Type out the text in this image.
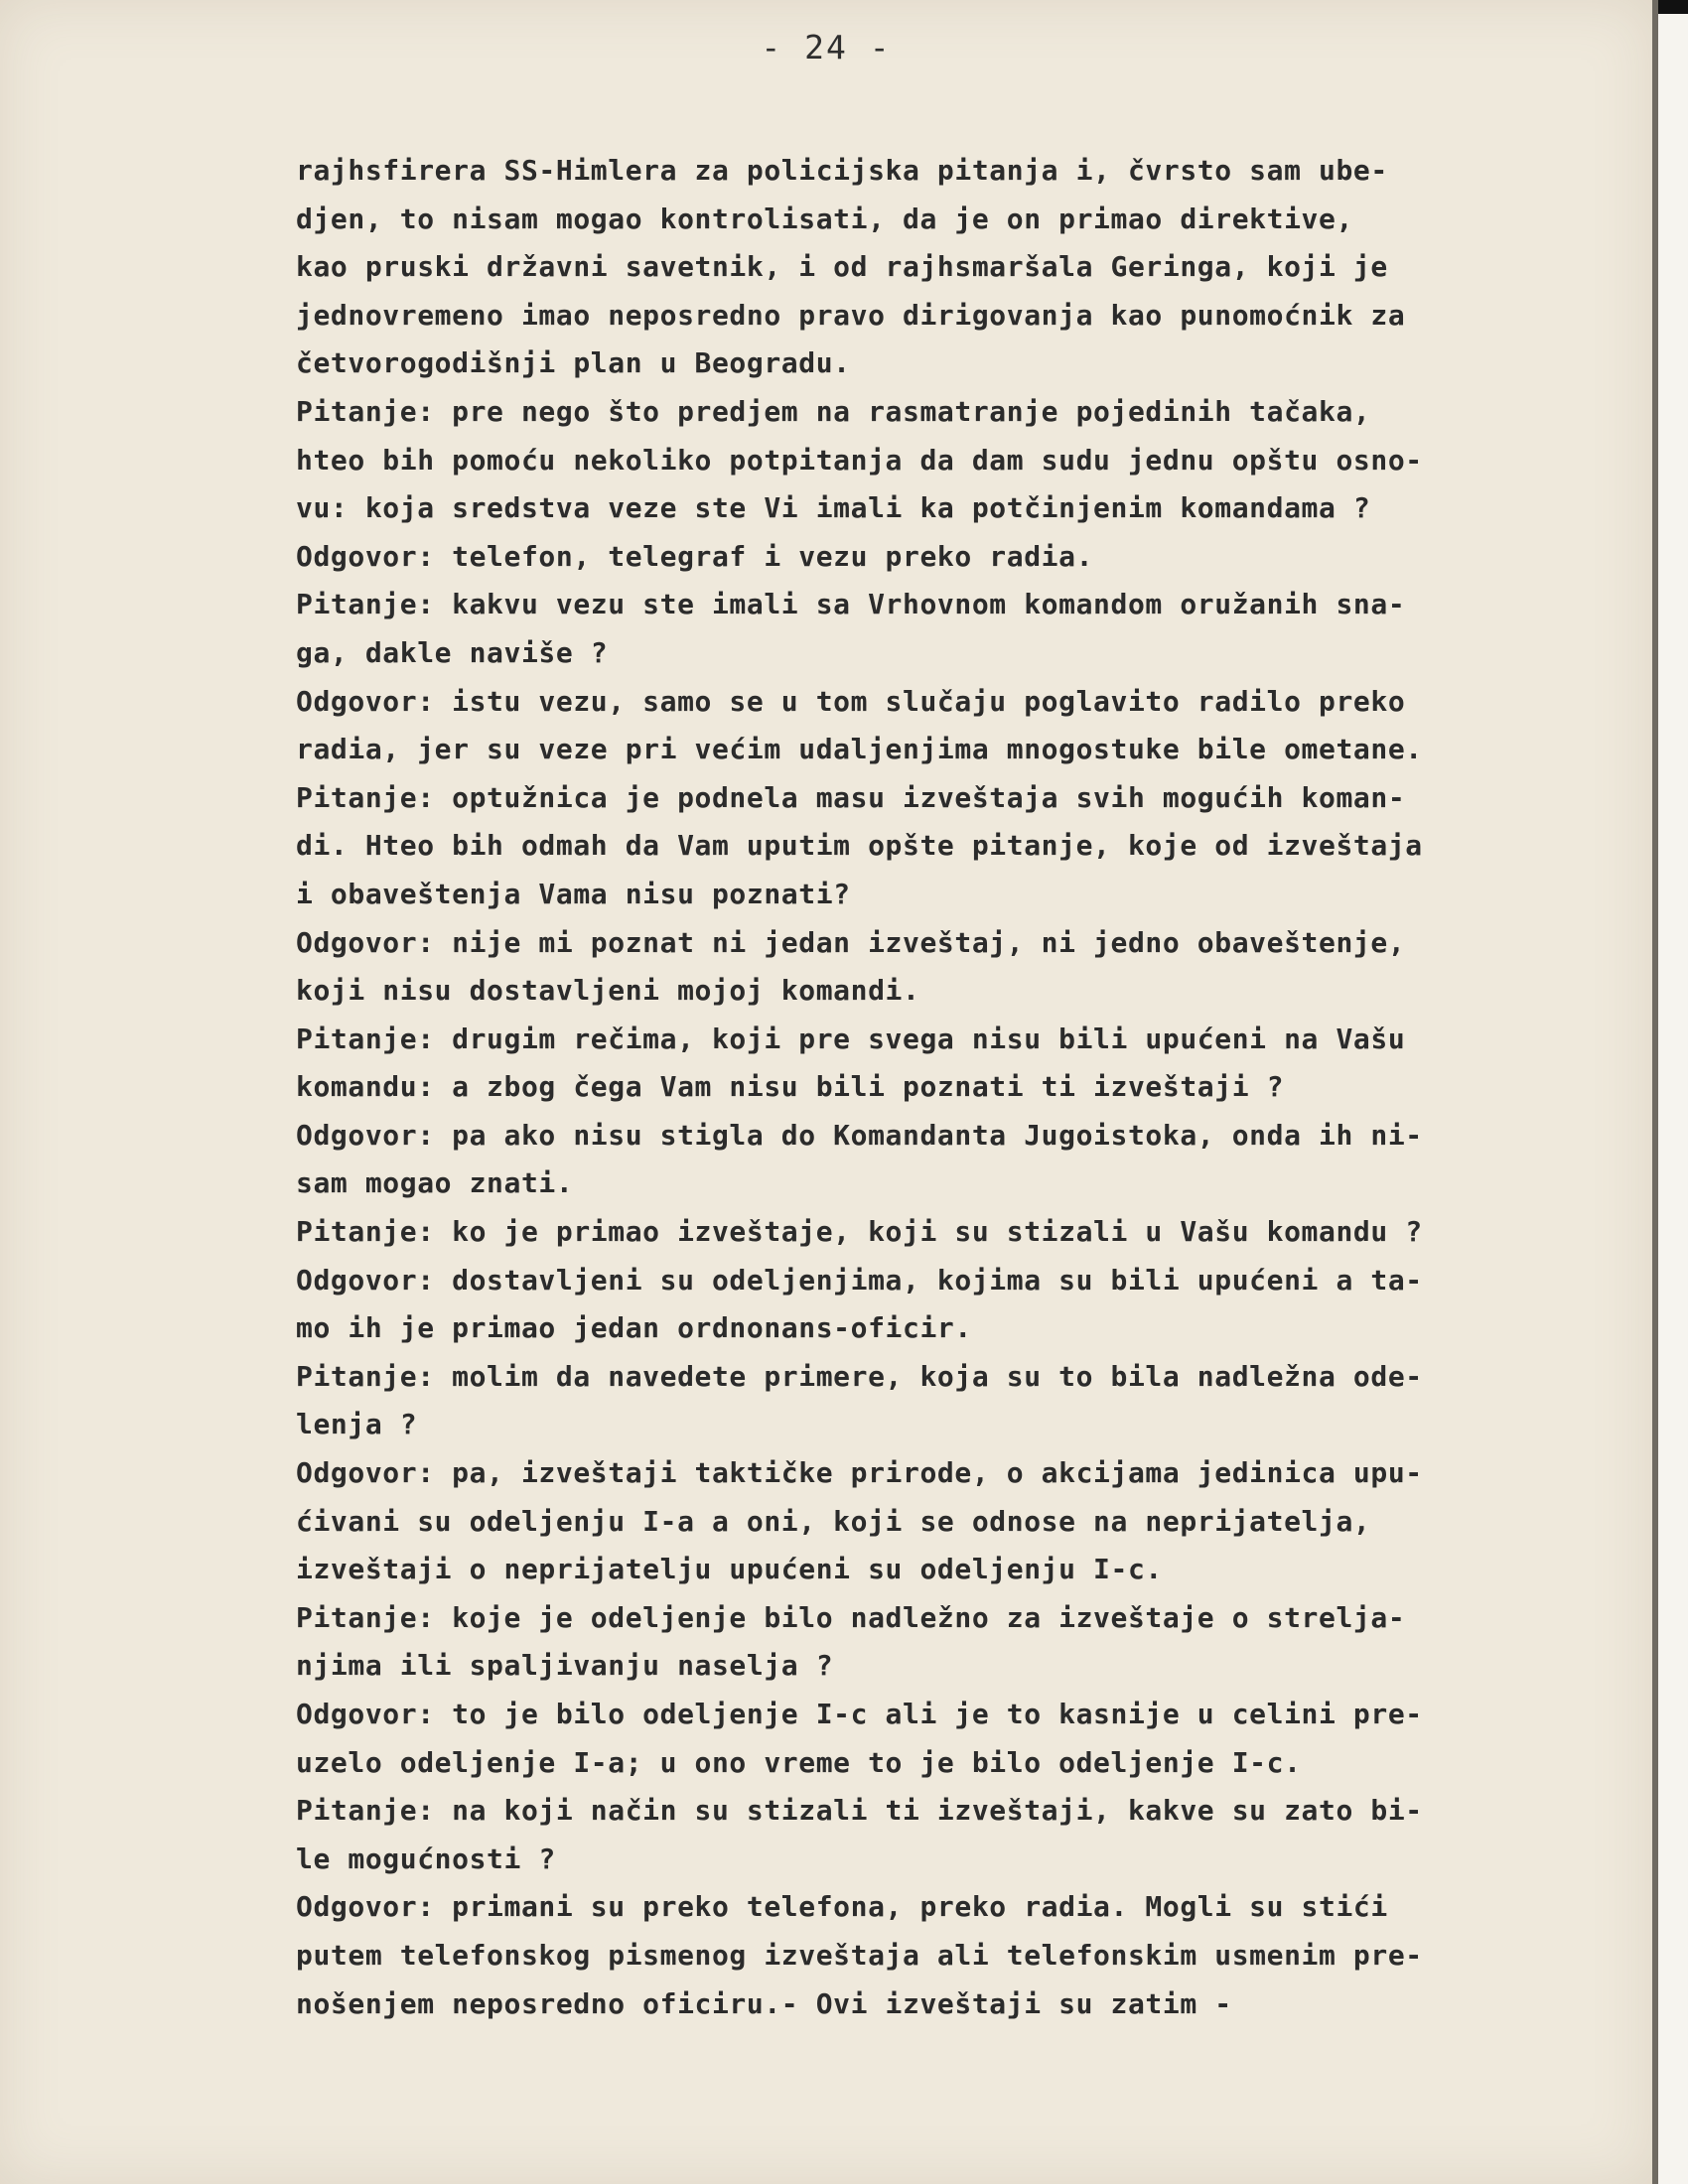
- 24 -
rajhsfirera SS-Himlera za policijska pitanja i, čvrsto sam ube-
djen, to nisam mogao kontrolisati, da je on primao direktive,
kao pruski državni savetnik, i od rajhsmaršala Geringa, koji je
jednovremeno imao neposredno pravo dirigovanja kao punomoćnik za
četvorogodišnji plan u Beogradu.
Pitanje: pre nego što predjem na rasmatranje pojedinih tačaka,
hteo bih pomoću nekoliko potpitanja da dam sudu jednu opštu osno-
vu: koja sredstva veze ste Vi imali ka potčinjenim komandama ?
Odgovor: telefon, telegraf i vezu preko radia.
Pitanje: kakvu vezu ste imali sa Vrhovnom komandom oružanih sna-
ga, dakle naviše ?
Odgovor: istu vezu, samo se u tom slučaju poglavito radilo preko
radia, jer su veze pri većim udaljenjima mnogostuke bile ometane.
Pitanje: optužnica je podnela masu izveštaja svih mogućih koman-
di. Hteo bih odmah da Vam uputim opšte pitanje, koje od izveštaja
i obaveštenja Vama nisu poznati?
Odgovor: nije mi poznat ni jedan izveštaj, ni jedno obaveštenje,
koji nisu dostavljeni mojoj komandi.
Pitanje: drugim rečima, koji pre svega nisu bili upućeni na Vašu
komandu: a zbog čega Vam nisu bili poznati ti izveštaji ?
Odgovor: pa ako nisu stigla do Komandanta Jugoistoka, onda ih ni-
sam mogao znati.
Pitanje: ko je primao izveštaje, koji su stizali u Vašu komandu ?
Odgovor: dostavljeni su odeljenjima, kojima su bili upućeni a ta-
mo ih je primao jedan ordnonans-oficir.
Pitanje: molim da navedete primere, koja su to bila nadležna ode-
lenja ?
Odgovor: pa, izveštaji taktičke prirode, o akcijama jedinica upu-
ćivani su odeljenju I-a a oni, koji se odnose na neprijatelja,
izveštaji o neprijatelju upućeni su odeljenju I-c.
Pitanje: koje je odeljenje bilo nadležno za izveštaje o strelja-
njima ili spaljivanju naselja ?
Odgovor: to je bilo odeljenje I-c ali je to kasnije u celini pre-
uzelo odeljenje I-a; u ono vreme to je bilo odeljenje I-c.
Pitanje: na koji način su stizali ti izveštaji, kakve su zato bi-
le mogućnosti ?
Odgovor: primani su preko telefona, preko radia. Mogli su stići
putem telefonskog pismenog izveštaja ali telefonskim usmenim pre-
nošenjem neposredno oficiru.- Ovi izveštaji su zatim -
